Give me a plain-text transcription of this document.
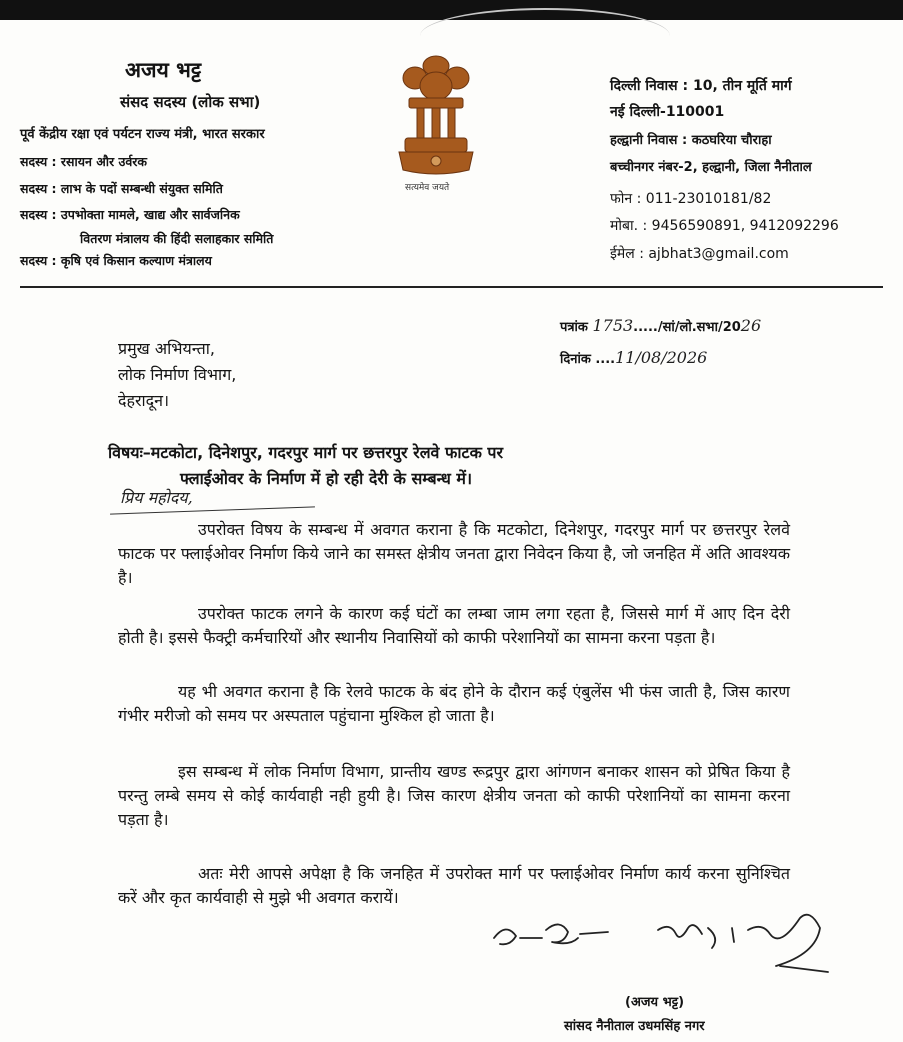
अजय भट्ट
संसद सदस्य (लोक सभा)
पूर्व केंद्रीय रक्षा एवं पर्यटन राज्य मंत्री, भारत सरकार
सदस्य : रसायन और उर्वरक
सदस्य : लाभ के पदों सम्बन्धी संयुक्त समिति
सदस्य : उपभोक्ता मामले, खाद्य और सार्वजनिक
वितरण मंत्रालय की हिंदी सलाहकार समिति
सदस्य : कृषि एवं किसान कल्याण मंत्रालय
सत्यमेव जयते
दिल्ली निवास : 10, तीन मूर्ति मार्ग
नई दिल्ली-110001
हल्द्वानी निवास : कठघरिया चौराहा
बच्चीनगर नंबर-2, हल्द्वानी, जिला नैनीताल
फोन : 011-23010181/82
मोबा. : 9456590891, 9412092296
ईमेल : ajbhat3@gmail.com
पत्रांक 1753...../सां/लो.सभा/2026
दिनांक ....11/08/2026
प्रमुख अभियन्ता,
लोक निर्माण विभाग,
देहरादून।
विषयः–मटकोटा, दिनेशपुर, गदरपुर मार्ग पर छत्तरपुर रेलवे फाटक पर
फ्लाईओवर के निर्माण में हो रही देरी के सम्बन्ध में।
प्रिय महोदय,

उपरोक्त विषय के सम्बन्ध में अवगत कराना है कि मटकोटा, दिनेशपुर, गदरपुर मार्ग पर छत्तरपुर रेलवे फाटक पर फ्लाईओवर निर्माण किये जाने का समस्त क्षेत्रीय जनता द्वारा निवेदन किया है, जो जनहित में अति आवश्यक है।

उपरोक्त फाटक लगने के कारण कई घंटों का लम्बा जाम लगा रहता है, जिससे मार्ग में आए दिन देरी होती है। इससे फैक्ट्री कर्मचारियों और स्थानीय निवासियों को काफी परेशानियों का सामना करना पड़ता है।

यह भी अवगत कराना है कि रेलवे फाटक के बंद होने के दौरान कई एंबुलेंस भी फंस जाती है, जिस कारण गंभीर मरीजो को समय पर अस्पताल पहुंचाना मुश्किल हो जाता है।

इस सम्बन्ध में लोक निर्माण विभाग, प्रान्तीय खण्ड रूद्रपुर द्वारा आंगणन बनाकर शासन को प्रेषित किया है परन्तु लम्बे समय से कोई कार्यवाही नही हुयी है। जिस कारण क्षेत्रीय जनता को काफी परेशानियों का सामना करना पड़ता है।

अतः मेरी आपसे अपेक्षा है कि जनहित में उपरोक्त मार्ग पर फ्लाईओवर निर्माण कार्य करना सुनिश्चित करें और कृत कार्यवाही से मुझे भी अवगत करायें।

(अजय भट्ट)
सांसद नैनीताल उधमसिंह नगर
